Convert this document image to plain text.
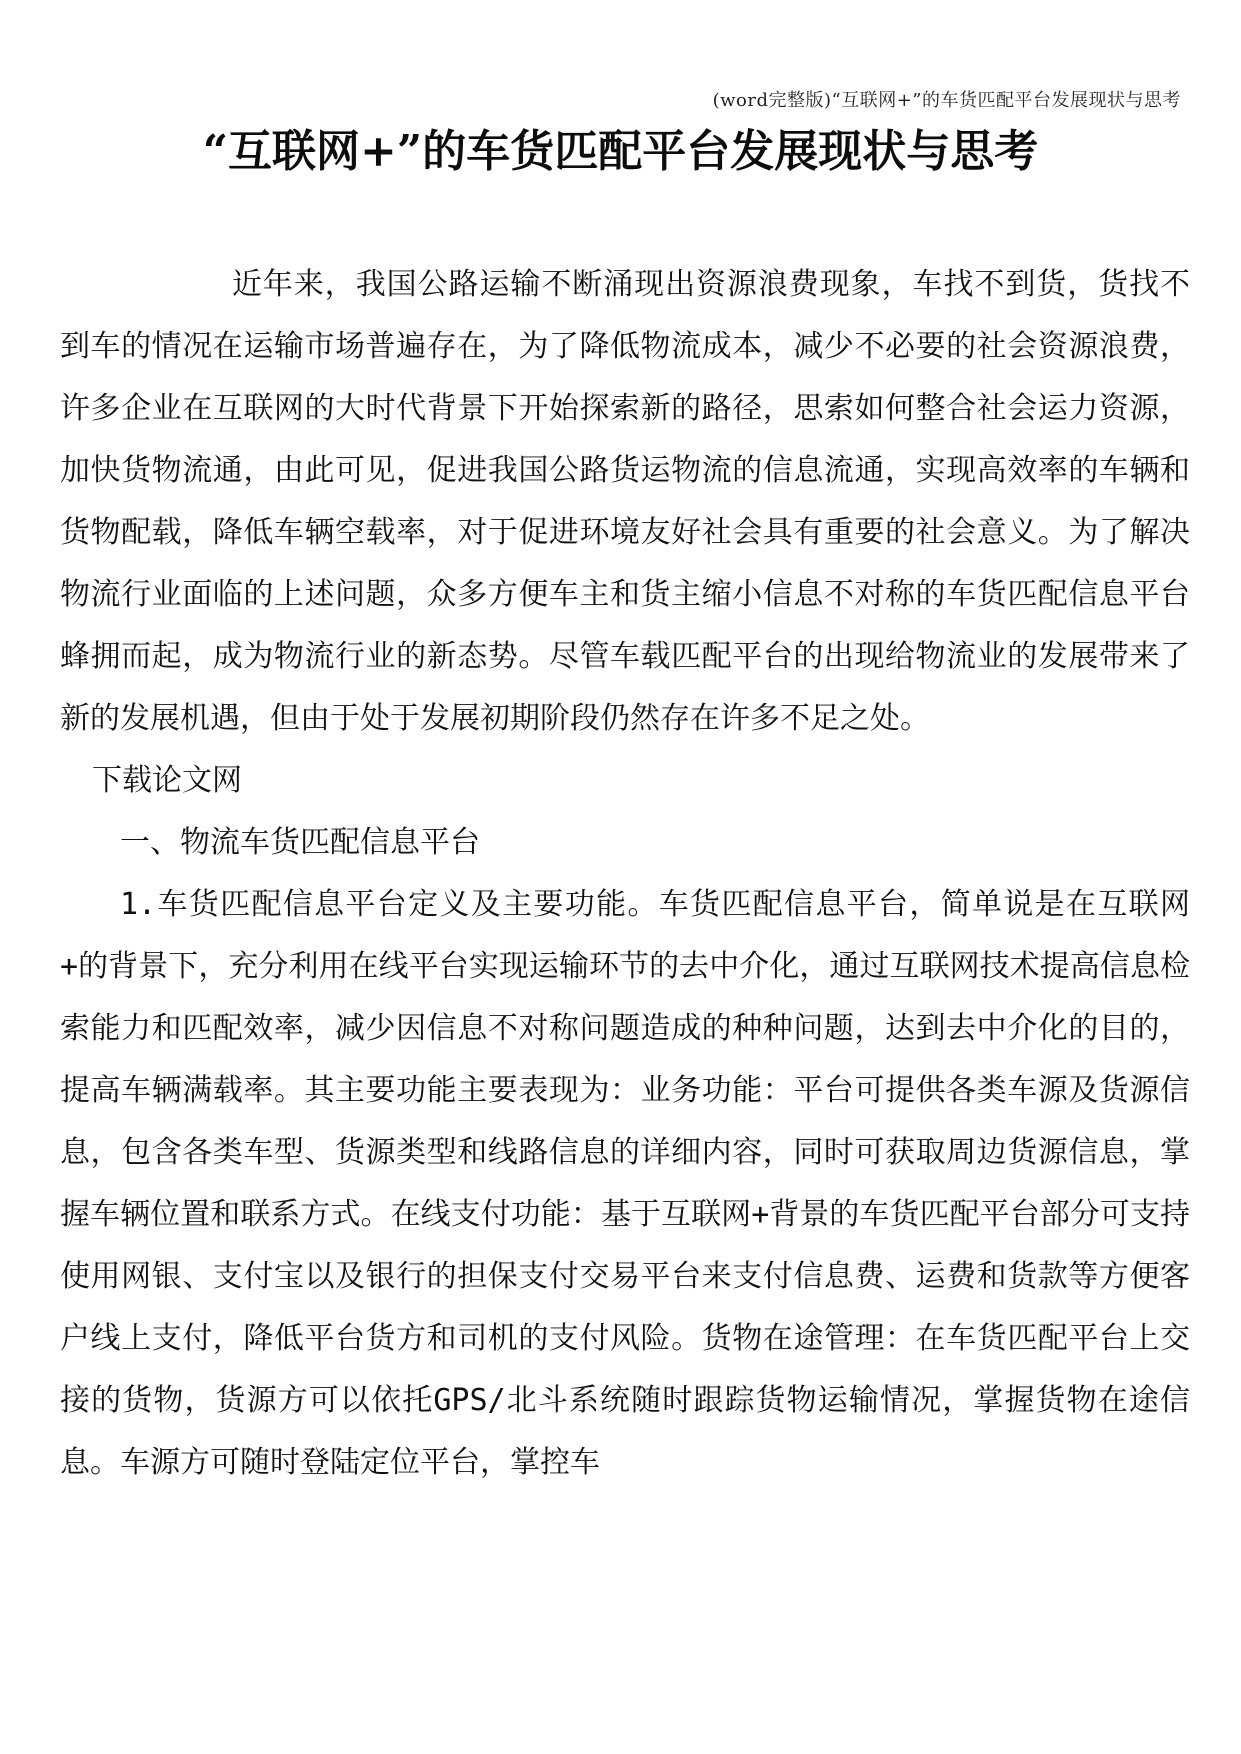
(word完整版)“互联网+”的车货匹配平台发展现状与思考
“互联网+”的车货匹配平台发展现状与思考

近年来，我国公路运输不断涌现出资源浪费现象，车找不到货，货找不到车的情况在运输市场普遍存在，为了降低物流成本，减少不必要的社会资源浪费，许多企业在互联网的大时代背景下开始探索新的路径，思索如何整合社会运力资源，加快货物流通，由此可见，促进我国公路货运物流的信息流通，实现高效率的车辆和货物配载，降低车辆空载率，对于促进环境友好社会具有重要的社会意义。为了解决物流行业面临的上述问题，众多方便车主和货主缩小信息不对称的车货匹配信息平台蜂拥而起，成为物流行业的新态势。尽管车载匹配平台的出现给物流业的发展带来了新的发展机遇，但由于处于发展初期阶段仍然存在许多不足之处。

下载论文网

一、物流车货匹配信息平台

1.车货匹配信息平台定义及主要功能。车货匹配信息平台，简单说是在互联网+的背景下，充分利用在线平台实现运输环节的去中介化，通过互联网技术提高信息检索能力和匹配效率，减少因信息不对称问题造成的种种问题，达到去中介化的目的，提高车辆满载率。其主要功能主要表现为：业务功能：平台可提供各类车源及货源信息，包含各类车型、货源类型和线路信息的详细内容，同时可获取周边货源信息，掌握车辆位置和联系方式。在线支付功能：基于互联网+背景的车货匹配平台部分可支持使用网银、支付宝以及银行的担保支付交易平台来支付信息费、运费和货款等方便客户线上支付，降低平台货方和司机的支付风险。货物在途管理：在车货匹配平台上交接的货物，货源方可以依托GPS/北斗系统随时跟踪货物运输情况，掌握货物在途信息。车源方可随时登陆定位平台，掌控车
